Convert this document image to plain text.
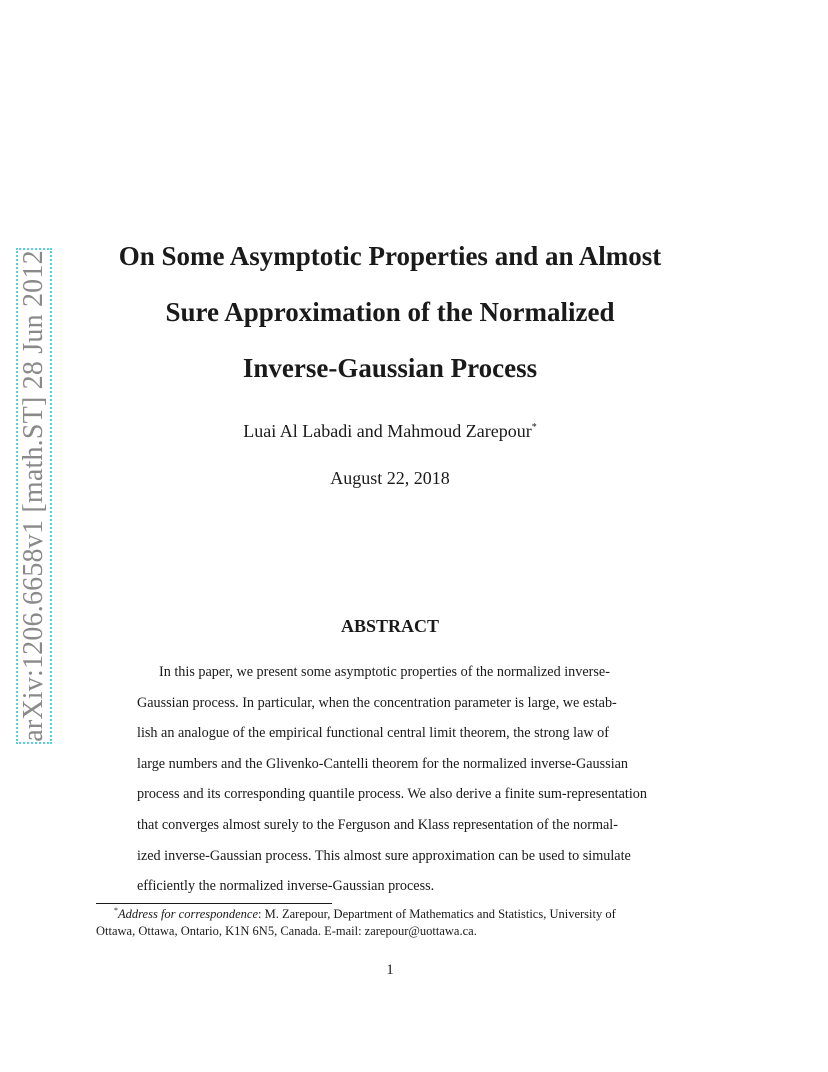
arXiv:1206.6658v1 [math.ST] 28 Jun 2012	On Some Asymptotic Properties and an Almost
Sure Approximation of the Normalized
Inverse-Gaussian Process
Luai Al Labadi and Mahmoud Zarepour*
August 22, 2018
ABSTRACT
In this paper, we present some asymptotic properties of the normalized inverse-
Gaussian process. In particular, when the concentration parameter is large, we estab-
lish an analogue of the empirical functional central limit theorem, the strong law of
large numbers and the Glivenko-Cantelli theorem for the normalized inverse-Gaussian
process and its corresponding quantile process. We also derive a finite sum-representation
that converges almost surely to the Ferguson and Klass representation of the normal-
ized inverse-Gaussian process. This almost sure approximation can be used to simulate
efficiently the normalized inverse-Gaussian process.
*Address for correspondence: M. Zarepour, Department of Mathematics and Statistics, University of
Ottawa, Ottawa, Ontario, K1N 6N5, Canada. E-mail: zarepour@uottawa.ca.
1
